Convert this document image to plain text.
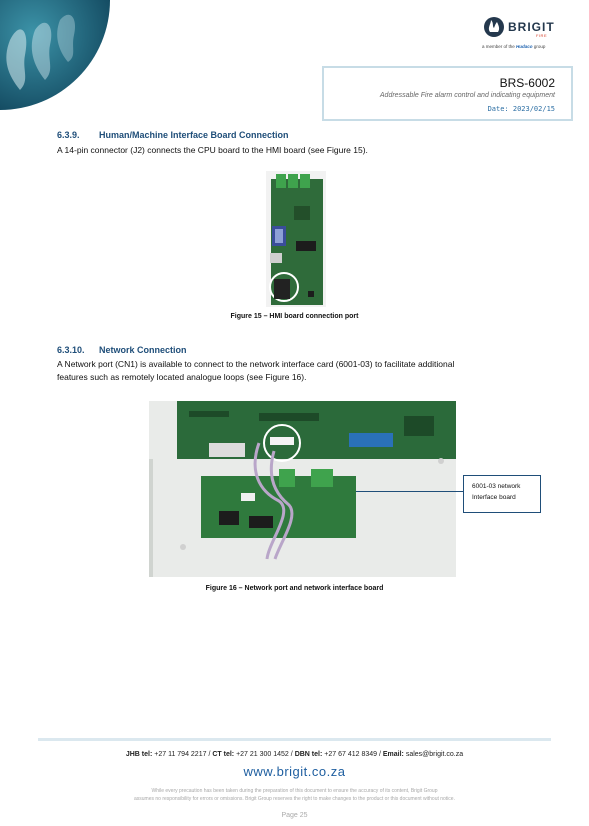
BRIGIT
FIRE
a member of the Hudaco group
BRS-6002
Addressable Fire alarm control and indicating equipment
Date: 2023/02/15
6.3.9. Human/Machine Interface Board Connection
A 14-pin connector (J2) connects the CPU board to the HMI board (see Figure 15).
Figure 15 – HMI board connection port
6.3.10. Network Connection
A Network port (CN1) is available to connect to the network interface card (6001-03) to facilitate additional
features such as remotely located analogue loops (see Figure 16).
6001-03 network
Interface board
Figure 16 – Network port and network interface board
JHB tel: +27 11 794 2217 / CT tel: +27 21 300 1452 / DBN tel: +27 67 412 8349 / Email: sales@brigit.co.za
www.brigit.co.za
While every precaution has been taken during the preparation of this document to ensure the accuracy of its content, Brigit Group
assumes no responsibility for errors or omissions. Brigit Group reserves the right to make changes to the product or this document without notice.
Page 25
